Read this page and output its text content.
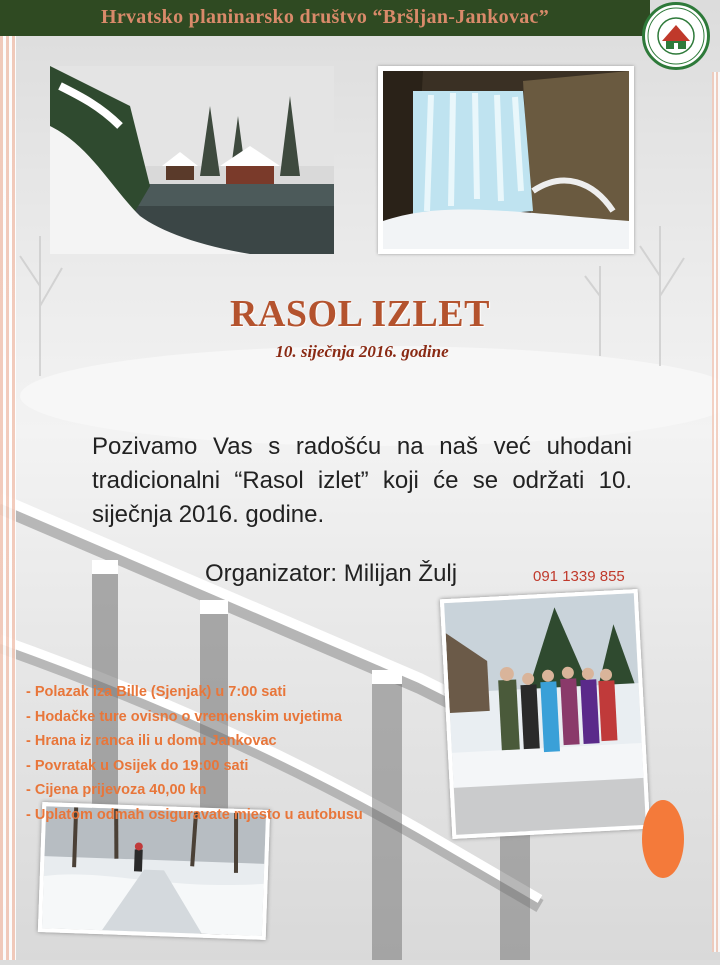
Hrvatsko planinarsko društvo “Bršljan-Jankovac”
RASOL IZLET
10. siječnja 2016. godine
Pozivamo Vas s radošću na naš već uhodani tradicionalni “Rasol izlet” koji će se održati 10. siječnja 2016. godine.
Organizator: Milijan Žulj	091 1339 855
- Polazak iza Bille (Sjenjak) u 7:00 sati
- Hodačke ture ovisno o vremenskim uvjetima
- Hrana iz ranca ili u domu Jankovac
- Povratak u Osijek do 19:00 sati
- Cijena prijevoza 40,00 kn
- Uplatom odmah osiguravate mjesto u autobusu
